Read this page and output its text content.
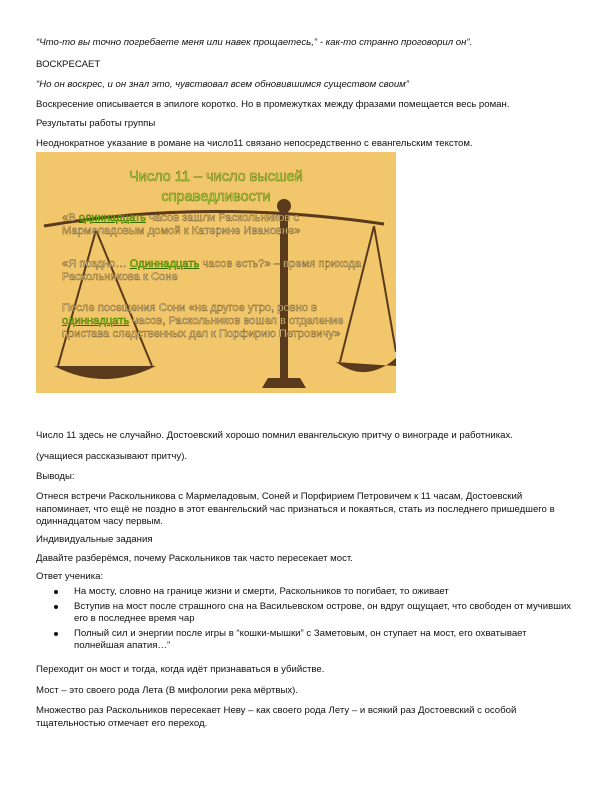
“Что-то вы точно погребаете меня или навек прощаетесь,” - как-то странно проговорил он”.

ВОСКРЕСАЕТ

“Но он воскрес, и он знал это, чувствовал всем обновившимся существом своим”

Воскресение описывается в эпилоге коротко. Но в промежутках между фразами помещается весь роман.

Результаты работы группы

Неоднократное указание в романе на число11 связано непосредственно с евангельским текстом.

Число 11 – число высшей

справедливости

«В одиннадцать часов зашли Раскольников с Мармеладовым домой к Катерине Ивановне»

«Я поздно… Одиннадцать часов есть?» – время прихода Раскольникова к Соне

После посещения Сони «на другое утро, ровно в одиннадцать часов, Раскольников вошел в отделение пристава следственных дел к Порфирию Петровичу»

Число 11 здесь не случайно. Достоевский хорошо помнил евангельскую притчу о винограде и работниках.

(учащиеся рассказывают притчу).

Выводы:

Отнеся встречи Раскольникова с Мармеладовым, Соней и Порфирием Петровичем к 11 часам, Достоевский напоминает, что ещё не поздно в этот евангельский час признаться и покаяться, стать из последнего пришедшего в одиннадцатом часу первым.

Индивидуальные задания

Давайте разберёмся, почему Раскольников так часто пересекает мост.

Ответ ученика:

На мосту, словно на границе жизни и смерти, Раскольников то погибает, то оживает
Вступив на мост после страшного сна на Васильевском острове, он вдруг ощущает, что свободен от мучивших его в последнее время чар
Полный сил и энергии после игры в “кошки-мышки” с Заметовым, он ступает на мост, его охватывает полнейшая апатия…”

Переходит он мост и тогда, когда идёт признаваться в убийстве.

Мост – это своего рода Лета (В мифологии река мёртвых).

Множество раз Раскольников пересекает Неву – как своего рода Лету – и всякий раз Достоевский с особой тщательностью отмечает его переход.
